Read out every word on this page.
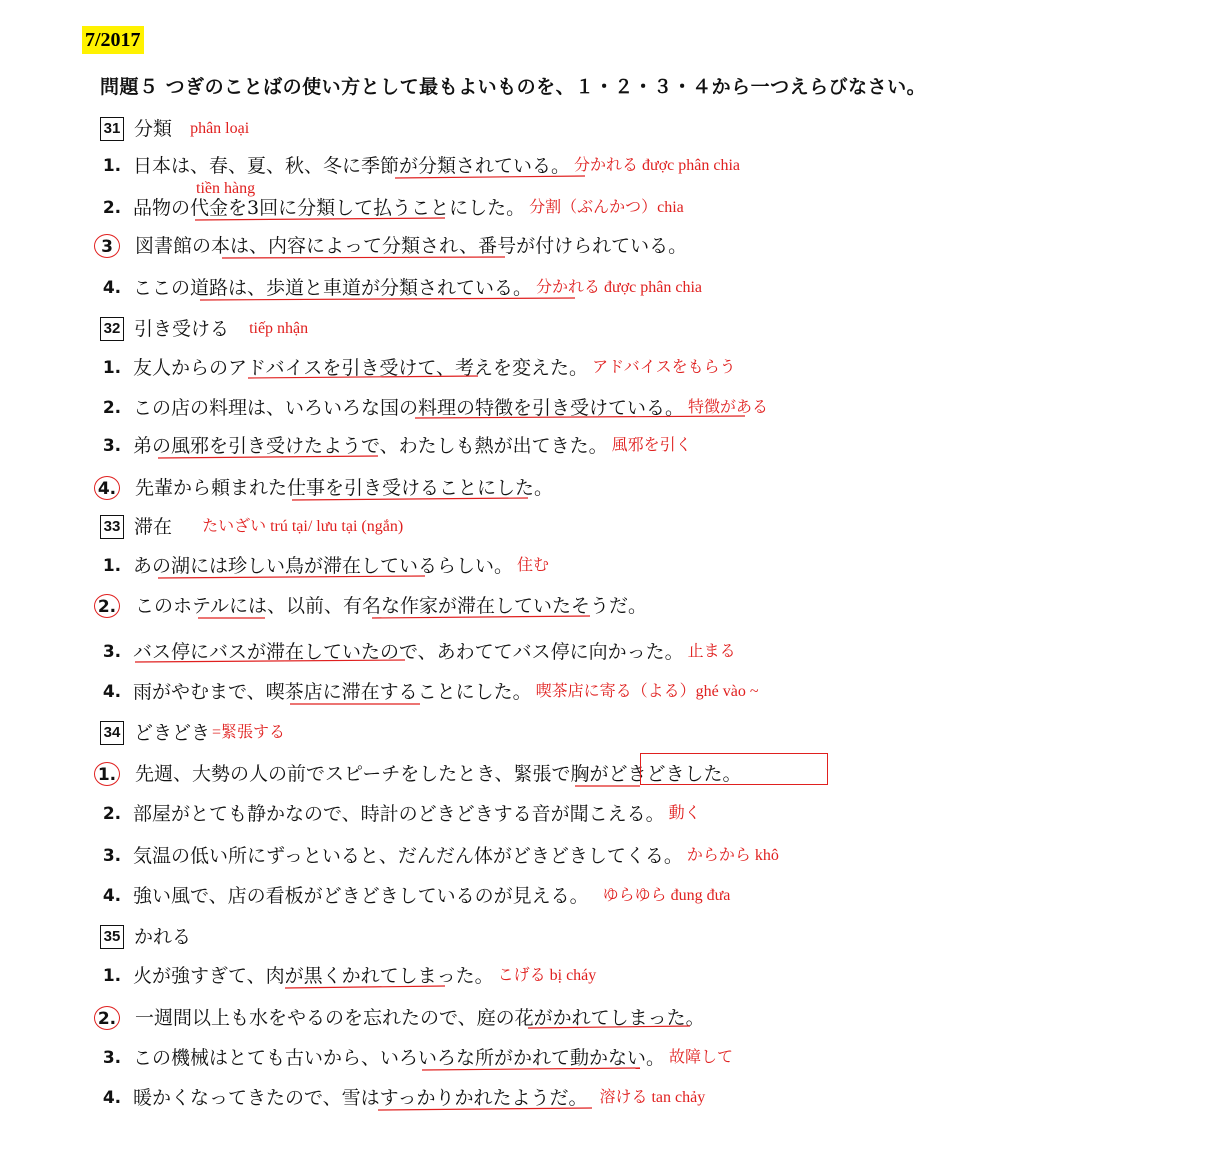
7/2017
問題５ つぎのことばの使い方として最もよいものを、１・２・３・４から一つえらびなさい。
31 分類 phân loại
1. 日本は、春、夏、秋、冬に季節が分類されている。 分かれる được phân chia
tiền hàng
2. 品物の代金を3回に分類して払うことにした。 分割（ぶんかつ）chia
3 図書館の本は、内容によって分類され、番号が付けられている。
4. ここの道路は、歩道と車道が分類されている。 分かれる được phân chia
32 引き受ける tiếp nhận
1. 友人からのアドバイスを引き受けて、考えを変えた。 アドバイスをもらう
2. この店の料理は、いろいろな国の料理の特徴を引き受けている。 特徴がある
3. 弟の風邪を引き受けたようで、わたしも熱が出てきた。 風邪を引く
4. 先輩から頼まれた仕事を引き受けることにした。
33 滞在 たいざい trú tại/ lưu tại (ngắn)
1. あの湖には珍しい鳥が滞在しているらしい。 住む
2. このホテルには、以前、有名な作家が滞在していたそうだ。
3. バス停にバスが滞在していたので、あわててバス停に向かった。 止まる
4. 雨がやむまで、喫茶店に滞在することにした。 喫茶店に寄る（よる）ghé vào ~
34 どきどき =緊張する
1. 先週、大勢の人の前でスピーチをしたとき、緊張で胸がどきどきした。
2. 部屋がとても静かなので、時計のどきどきする音が聞こえる。 動く
3. 気温の低い所にずっといると、だんだん体がどきどきしてくる。 からから khô
4. 強い風で、店の看板がどきどきしているのが見える。 ゆらゆら đung đưa
35 かれる
1. 火が強すぎて、肉が黒くかれてしまった。 こげる bị cháy
2. 一週間以上も水をやるのを忘れたので、庭の花がかれてしまった。
3. この機械はとても古いから、いろいろな所がかれて動かない。 故障して
4. 暖かくなってきたので、雪はすっかりかれたようだ。 溶ける tan chảy
